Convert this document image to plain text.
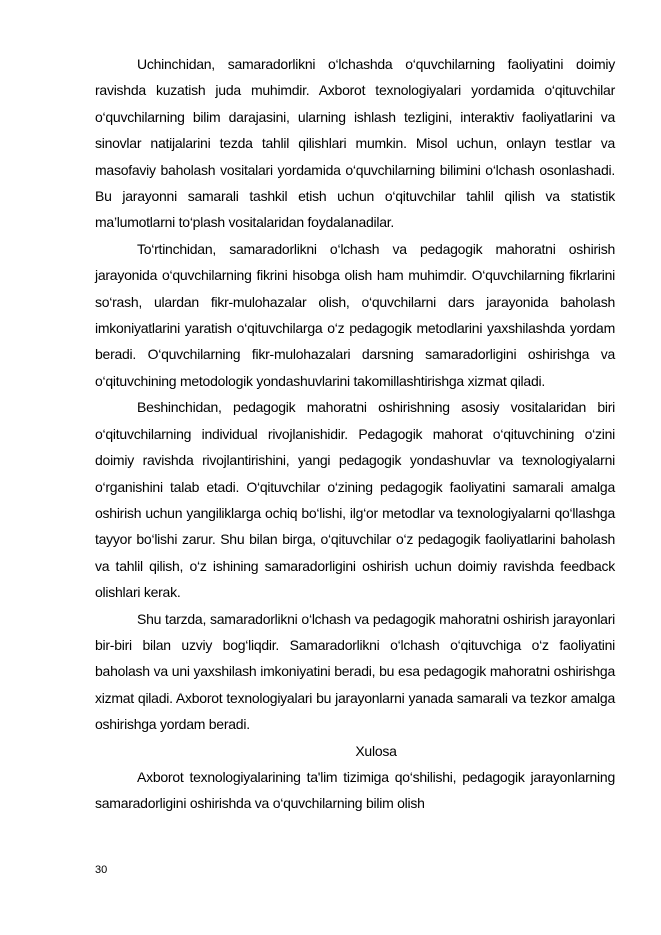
Uchinchidan, samaradorlikni o‘lchashda o‘quvchilarning faoliyatini doimiy ravishda kuzatish juda muhimdir. Axborot texnologiyalari yordamida o‘qituvchilar o‘quvchilarning bilim darajasini, ularning ishlash tezligini, interaktiv faoliyatlarini va sinovlar natijalarini tezda tahlil qilishlari mumkin. Misol uchun, onlayn testlar va masofaviy baholash vositalari yordamida o‘quvchilarning bilimini o‘lchash osonlashadi. Bu jarayonni samarali tashkil etish uchun o‘qituvchilar tahlil qilish va statistik ma’lumotlarni to‘plash vositalaridan foydalanadilar.

To‘rtinchidan, samaradorlikni o‘lchash va pedagogik mahoratni oshirish jarayonida o‘quvchilarning fikrini hisobga olish ham muhimdir. O‘quvchilarning fikrlarini so‘rash, ulardan fikr-mulohazalar olish, o‘quvchilarni dars jarayonida baholash imkoniyatlarini yaratish o‘qituvchilarga o‘z pedagogik metodlarini yaxshilashda yordam beradi. O‘quvchilarning fikr-mulohazalari darsning samaradorligini oshirishga va o‘qituvchining metodologik yondashuvlarini takomillashtirishga xizmat qiladi.

Beshinchidan, pedagogik mahoratni oshirishning asosiy vositalaridan biri o‘qituvchilarning individual rivojlanishidir. Pedagogik mahorat o‘qituvchining o‘zini doimiy ravishda rivojlantirishini, yangi pedagogik yondashuvlar va texnologiyalarni o‘rganishini talab etadi. O‘qituvchilar o‘zining pedagogik faoliyatini samarali amalga oshirish uchun yangiliklarga ochiq bo‘lishi, ilg‘or metodlar va texnologiyalarni qo‘llashga tayyor bo‘lishi zarur. Shu bilan birga, o‘qituvchilar o‘z pedagogik faoliyatlarini baholash va tahlil qilish, o‘z ishining samaradorligini oshirish uchun doimiy ravishda feedback olishlari kerak.

Shu tarzda, samaradorlikni o‘lchash va pedagogik mahoratni oshirish jarayonlari bir-biri bilan uzviy bog‘liqdir. Samaradorlikni o‘lchash o‘qituvchiga o‘z faoliyatini baholash va uni yaxshilash imkoniyatini beradi, bu esa pedagogik mahoratni oshirishga xizmat qiladi. Axborot texnologiyalari bu jarayonlarni yanada samarali va tezkor amalga oshirishga yordam beradi.

Xulosa

Axborot texnologiyalarining ta'lim tizimiga qo‘shilishi, pedagogik jarayonlarning samaradorligini oshirishda va o‘quvchilarning bilim olish

30
